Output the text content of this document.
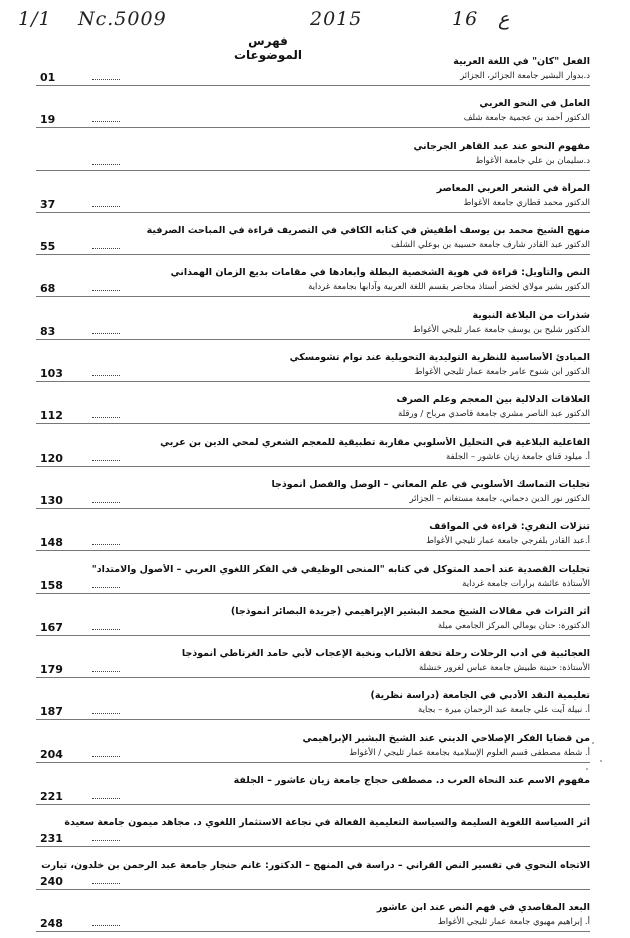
1/1 Nc.5009	2015	16 ع
فهرس الموضوعات	الفعل "كان" في اللغة العربية
د.بدوار البشير جامعة الجزائر، الجزائر
01
العامل في النحو العربي
الدكتور أحمد بن عجمية جامعة شلف
19
مفهوم النحو عند عبد القاهر الجرجاني
د.سليمان بن علي جامعة الأغواط
المرأة في الشعر العربي المعاصر
الدكتور محمد قطاري جامعة الأغواط
37
منهج الشيخ محمد بن يوسف أطفيش في كتابه الكافي في التصريف قراءة في المباحث الصرفية
الدكتور عبد القادر شارف جامعة حسيبة بن بوعلي الشلف
55
النص والتأويل: قراءة في هوية الشخصية البطلة وأبعادها في مقامات بديع الزمان الهمذاني
الدكتور بشير مولاي لخضر أستاذ محاضر بقسم اللغة العربية وآدابها بجامعة غرداية
68
شذرات من البلاغة النبوية
الدكتور شليح بن يوسف جامعة عمار ثليجي الأغواط
83
المبادئ الأساسية للنظرية التوليدية التحويلية عند نوام تشومسكي
الدكتور ابن شنوح عامر جامعة عمار ثليجي الأغواط
103
العلاقات الدلالية بين المعجم وعلم الصرف
الدكتور عبد الناصر مشري جامعة قاصدي مرباح / ورقلة
112
الفاعلية البلاغية في التحليل الأسلوبي مقاربة تطبيقية للمعجم الشعري لمحي الدين بن عربي
أ. ميلود قناي جامعة زيان عاشور – الجلفة
120
تجليات التماسك الأسلوبي في علم المعاني – الوصل والفصل أنموذجا
الدكتور نور الدين دحماني، جامعة مستغانم – الجزائر
130
تنزلات النفري: قراءة في المواقف
أ.عبد القادر بلفرجي جامعة عمار ثليجي الأغواط
148
تجليات القصدية عند أحمد المتوكل في كتابه "المنحى الوظيفي في الفكر اللغوي العربي – الأصول والامتداد"
الأستاذة عائشة برارات جامعة غرداية
158
أثر التراث في مقالات الشيخ محمد البشير الإبراهيمي (جريدة البصائر أنموذجا)
الدكتورة: حنان بومالي المركز الجامعي ميلة
167
العجائبية في أدب الرحلات رحلة تحفة الألباب ونخبة الإعجاب لأبي حامد الغرناطي أنموذجا
الأستاذة: حنينة طبيش جامعة عباس لغرور خنشلة
179
تعليمية النقد الأدبي في الجامعة (دراسة نظرية)
أ. نبيلة آيت علي جامعة عبد الرحمان ميرة – بجاية
187
من قضايا الفكر الإصلاحي الديني عند الشيخ البشير الإبراهيمي
أ. شطة مصطفى قسم العلوم الإسلامية بجامعة عمار ثليجي / الأغواط
204
مفهوم الاسم عند النحاة العرب د. مصطفى حجاج جامعة زيان عاشور – الجلفة
221
أثر السياسة اللغوية السليمة والسياسة التعليمية الفعالة في نجاعة الاستثمار اللغوي د. مجاهد ميمون جامعة سعيدة
231
الاتجاه النحوي في تفسير النص القرآني – دراسة في المنهج – الدكتور: غانم حنجار جامعة عبد الرحمن بن خلدون، تيارت
240
البعد المقاصدي في فهم النص عند ابن عاشور
أ. إبراهيم مهيوي جامعة عمار ثليجي الأغواط
248
